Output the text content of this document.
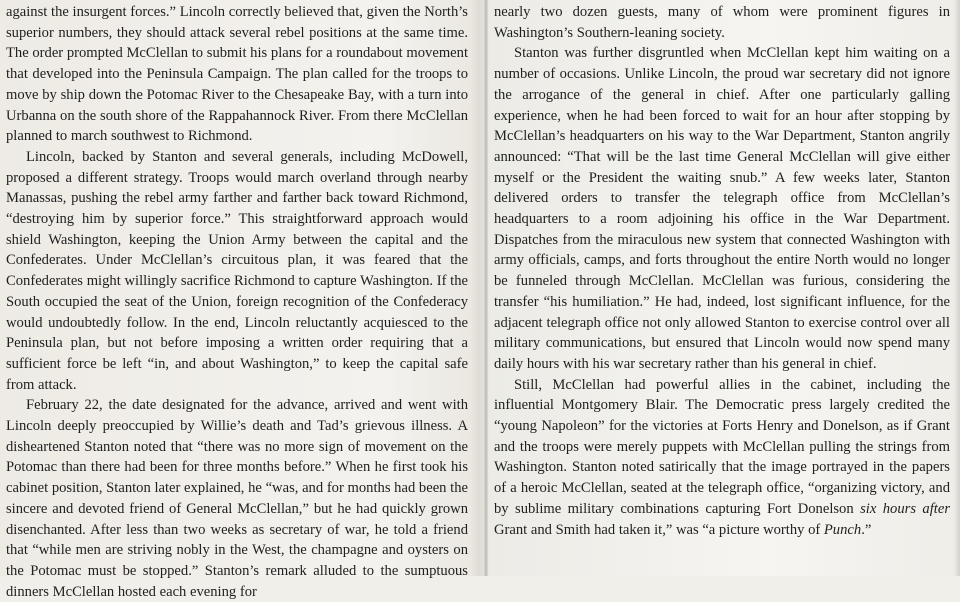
against the insurgent forces.” Lincoln correctly believed that, given the North’s superior numbers, they should attack several rebel positions at the same time. The order prompted McClellan to submit his plans for a roundabout movement that developed into the Peninsula Campaign. The plan called for the troops to move by ship down the Potomac River to the Chesapeake Bay, with a turn into Urbanna on the south shore of the Rappahannock River. From there McClellan planned to march southwest to Richmond.

Lincoln, backed by Stanton and several generals, including McDowell, proposed a different strategy. Troops would march overland through nearby Manassas, pushing the rebel army farther and farther back toward Richmond, “destroying him by superior force.” This straightforward approach would shield Washington, keeping the Union Army between the capital and the Confederates. Under McClellan’s circuitous plan, it was feared that the Confederates might willingly sacrifice Richmond to capture Washington. If the South occupied the seat of the Union, foreign recognition of the Confederacy would undoubtedly follow. In the end, Lincoln reluctantly acquiesced to the Peninsula plan, but not before imposing a written order requiring that a sufficient force be left “in, and about Washington,” to keep the capital safe from attack.

February 22, the date designated for the advance, arrived and went with Lincoln deeply preoccupied by Willie’s death and Tad’s grievous illness. A disheartened Stanton noted that “there was no more sign of movement on the Potomac than there had been for three months before.” When he first took his cabinet position, Stanton later explained, he “was, and for months had been the sincere and devoted friend of General McClellan,” but he had quickly grown disenchanted. After less than two weeks as secretary of war, he told a friend that “while men are striving nobly in the West, the champagne and oysters on the Potomac must be stopped.” Stanton’s remark alluded to the sumptuous dinners McClellan hosted each evening for

nearly two dozen guests, many of whom were prominent figures in Washington’s Southern-leaning society.

Stanton was further disgruntled when McClellan kept him waiting on a number of occasions. Unlike Lincoln, the proud war secretary did not ignore the arrogance of the general in chief. After one particularly galling experience, when he had been forced to wait for an hour after stopping by McClellan’s headquarters on his way to the War Department, Stanton angrily announced: “That will be the last time General McClellan will give either myself or the President the waiting snub.” A few weeks later, Stanton delivered orders to transfer the telegraph office from McClellan’s headquarters to a room adjoining his office in the War Department. Dispatches from the miraculous new system that connected Washington with army officials, camps, and forts throughout the entire North would no longer be funneled through McClellan. McClellan was furious, considering the transfer “his humiliation.” He had, indeed, lost significant influence, for the adjacent telegraph office not only allowed Stanton to exercise control over all military communications, but ensured that Lincoln would now spend many daily hours with his war secretary rather than his general in chief.

Still, McClellan had powerful allies in the cabinet, including the influential Montgomery Blair. The Democratic press largely credited the “young Napoleon” for the victories at Forts Henry and Donelson, as if Grant and the troops were merely puppets with McClellan pulling the strings from Washington. Stanton noted satirically that the image portrayed in the papers of a heroic McClellan, seated at the telegraph office, “organizing victory, and by sublime military combinations capturing Fort Donelson six hours after Grant and Smith had taken it,” was “a picture worthy of Punch.”
